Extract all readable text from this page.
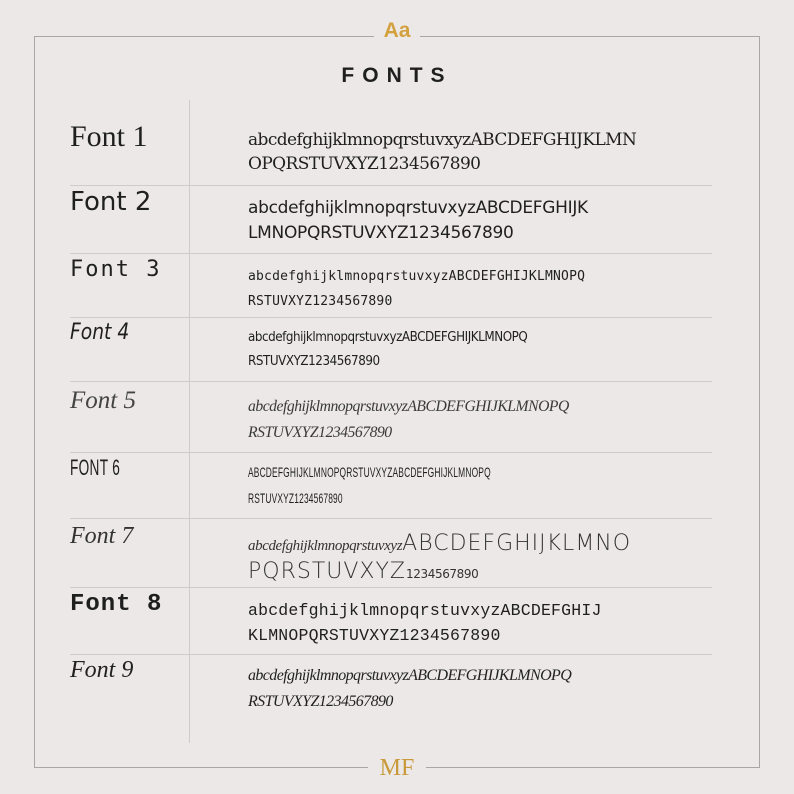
Aa
FONTS
Font 1	abcdefghijklmnopqrstuvxyzABCDEFGHIJKLMN
OPQRSTUVXYZ1234567890
Font 2	abcdefghijklmnopqrstuvxyzABCDEFGHIJK
LMNOPQRSTUVXYZ1234567890
Font 3	abcdefghijklmnopqrstuvxyzABCDEFGHIJKLMNOPQ
RSTUVXYZ1234567890
Font 4	abcdefghijklmnopqrstuvxyzABCDEFGHIJKLMNOPQ
RSTUVXYZ1234567890
Font 5	abcdefghijklmnopqrstuvxyzABCDEFGHIJKLMNOPQ
RSTUVXYZ1234567890
FONT 6	ABCDEFGHIJKLMNOPQRSTUVXYZABCDEFGHIJKLMNOPQ
RSTUVXYZ1234567890
Font 7	abcdefghijklmnopqrstuvxyzABCDEFGHIJKLMNO
PQRSTUVXYZ1234567890
Font 8	abcdefghijklmnopqrstuvxyzABCDEFGHIJ
KLMNOPQRSTUVXYZ1234567890
Font 9	abcdefghijklmnopqrstuvxyzABCDEFGHIJKLMNOPQ
RSTUVXYZ1234567890
MF
